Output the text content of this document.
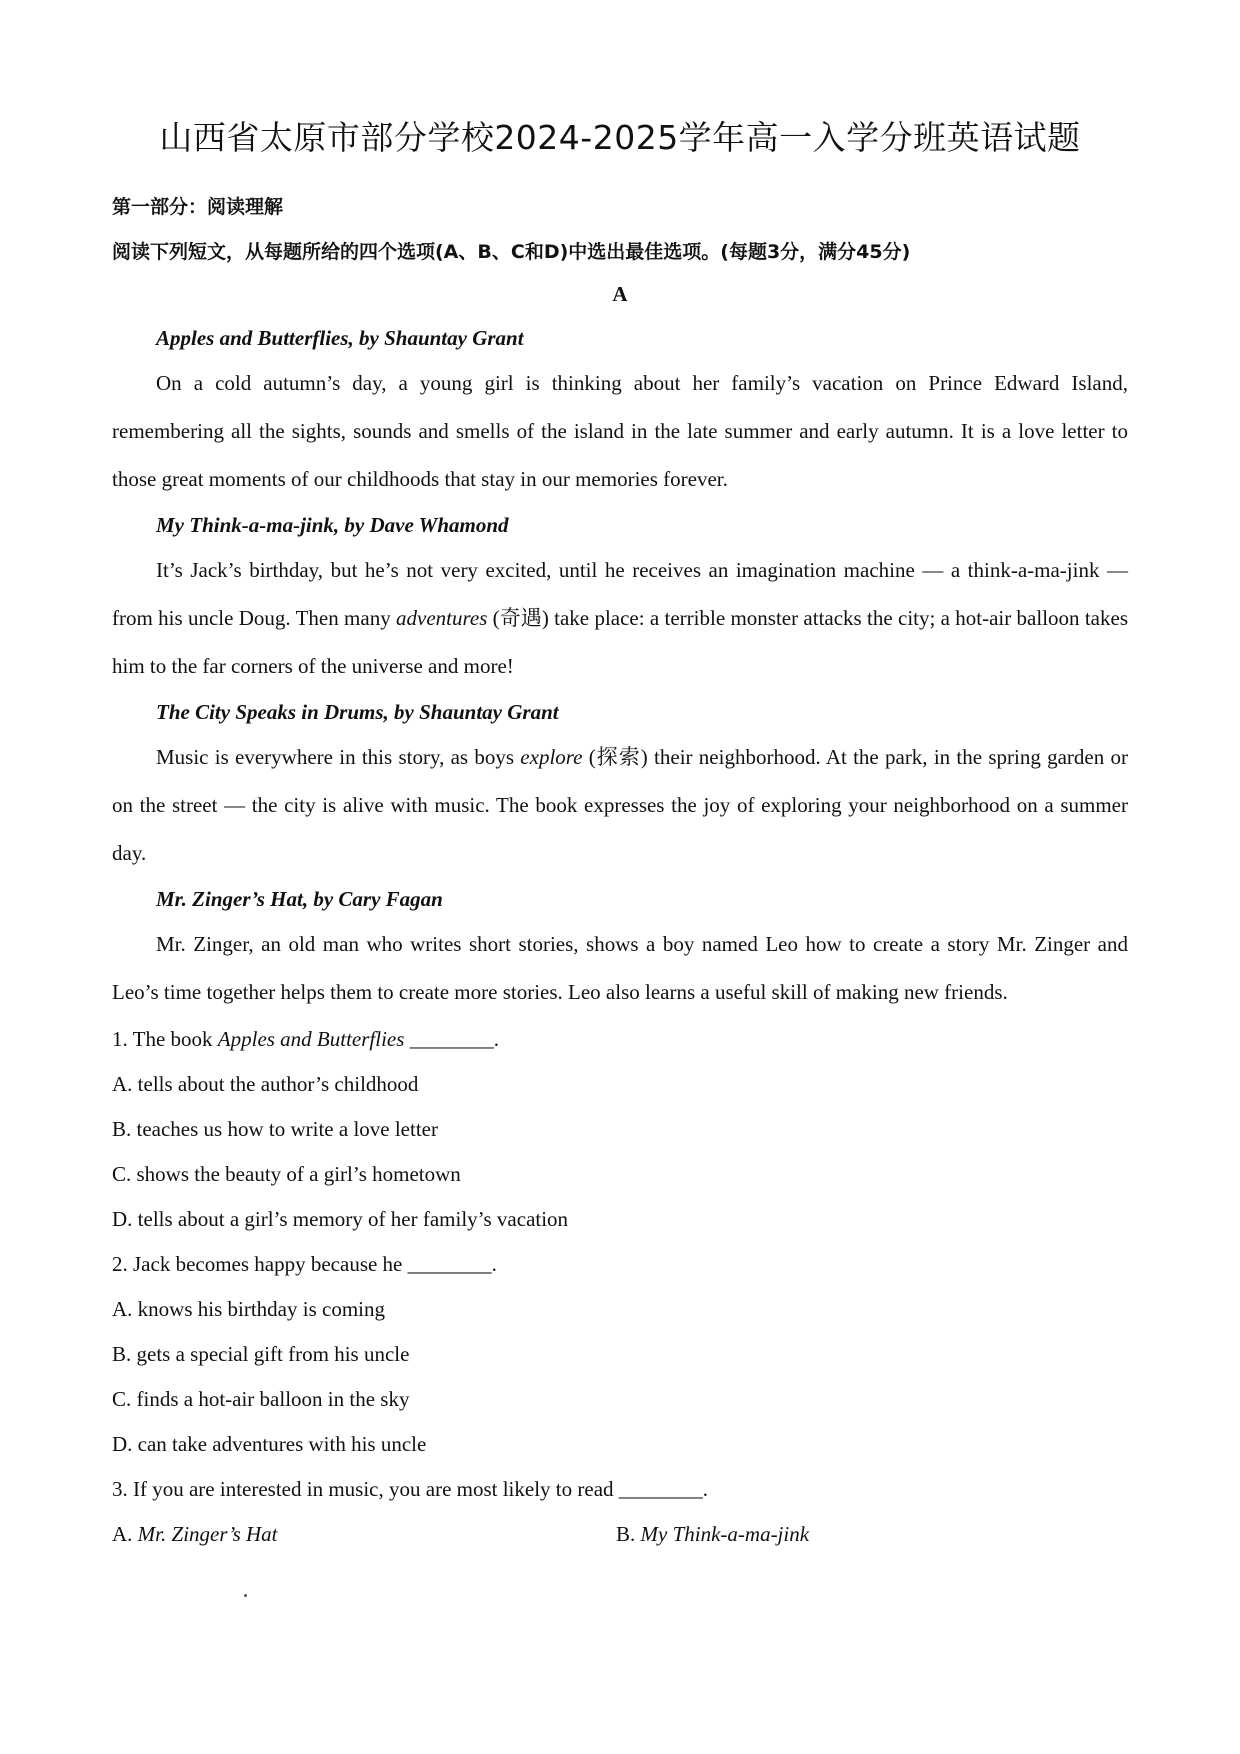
山西省太原市部分学校2024-2025学年高一入学分班英语试题
第一部分：阅读理解
阅读下列短文，从每题所给的四个选项(A、B、C和D)中选出最佳选项。(每题3分，满分45分)
A
Apples and Butterflies, by Shauntay Grant
On a cold autumn’s day, a young girl is thinking about her family’s vacation on Prince Edward Island, remembering all the sights, sounds and smells of the island in the late summer and early autumn. It is a love letter to those great moments of our childhoods that stay in our memories forever.
My Think-a-ma-jink, by Dave Whamond
It’s Jack’s birthday, but he’s not very excited, until he receives an imagination machine — a think-a-ma-jink — from his uncle Doug. Then many adventures (奇遇) take place: a terrible monster attacks the city; a hot-air balloon takes him to the far corners of the universe and more!
The City Speaks in Drums, by Shauntay Grant
Music is everywhere in this story, as boys explore (探索) their neighborhood. At the park, in the spring garden or on the street — the city is alive with music. The book expresses the joy of exploring your neighborhood on a summer day.
Mr. Zinger’s Hat, by Cary Fagan
Mr. Zinger, an old man who writes short stories, shows a boy named Leo how to create a story Mr. Zinger and Leo’s time together helps them to create more stories. Leo also learns a useful skill of making new friends.
1. The book Apples and Butterflies ________.
A. tells about the author’s childhood
B. teaches us how to write a love letter
C. shows the beauty of a girl’s hometown
D. tells about a girl’s memory of her family’s vacation
2. Jack becomes happy because he ________.
A. knows his birthday is coming
B. gets a special gift from his uncle
C. finds a hot-air balloon in the sky
D. can take adventures with his uncle
3. If you are interested in music, you are most likely to read ________.
A. Mr. Zinger’s Hat	B. My Think-a-ma-jink
